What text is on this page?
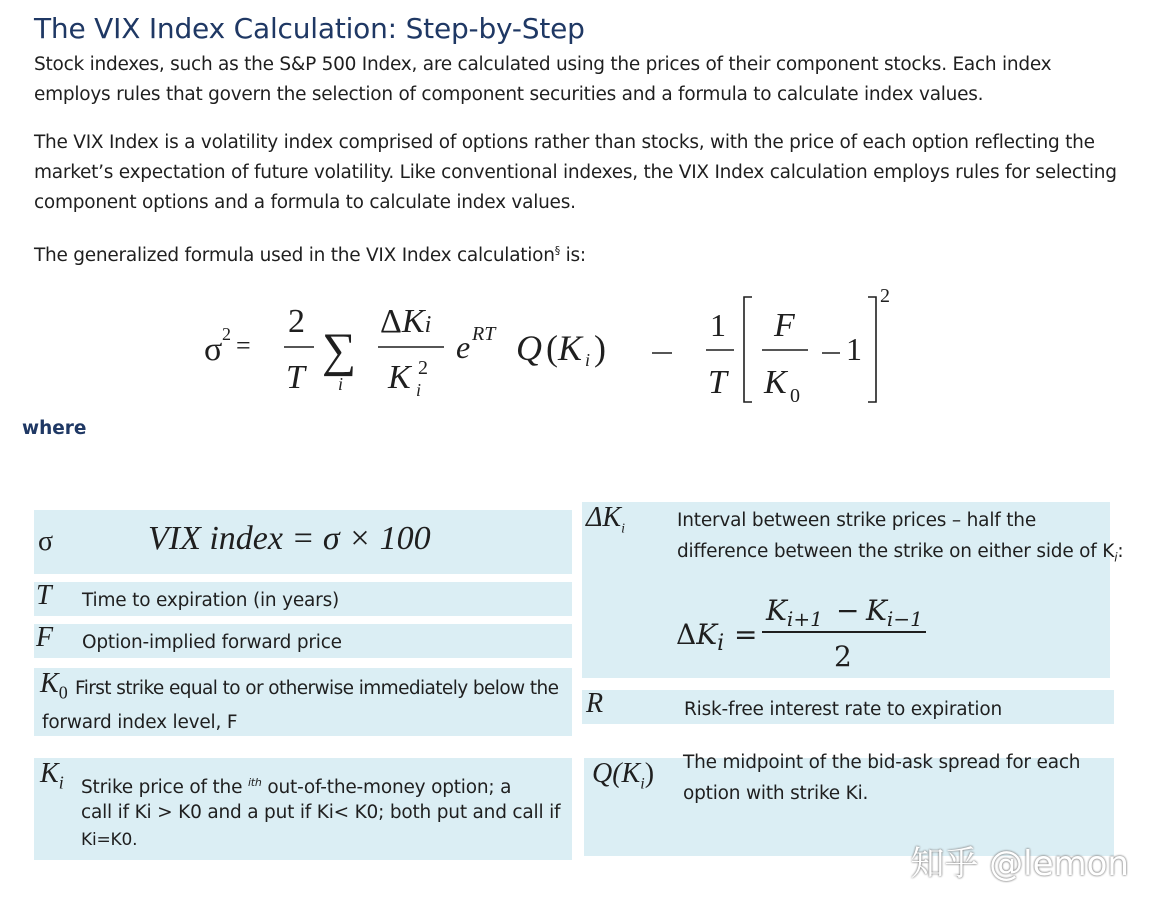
The VIX Index Calculation: Step-by-Step
Stock indexes, such as the S&P 500 Index, are calculated using the prices of their component stocks. Each index employs rules that govern the selection of component securities and a formula to calculate index values.
The VIX Index is a volatility index comprised of options rather than stocks, with the price of each option reflecting the market’s expectation of future volatility. Like conventional indexes, the VIX Index calculation employs rules for selecting component options and a formula to calculate index values.
The generalized formula used in the VIX Index calculation§ is:
σ 2 =
2
T
∑
i
ΔKi
K 2
i
e RT Q ( K i )
1
T
F
K 0
1
2
where
σ	VIX index = σ × 100
T Time to expiration (in years)
F Option-implied forward price
$K_0$ First strike equal to or otherwise immediately below the
forward index level, F
$K_i$ Strike price of the $^{ith}$ out-of-the-money option; a
call if Ki > K0 and a put if Ki< K0; both put and call if
Ki=K0.
$\Delta K_i$	Interval between strike prices – half the
difference between the strike on either side of $K_i$:
$\Delta K_i$ =
$K_{i+1} - K_{i-1}$
2
R	Risk-free interest rate to expiration
$Q(K_i)$ The midpoint of the bid-ask spread for each
option with strike Ki.
知乎 @lemon
